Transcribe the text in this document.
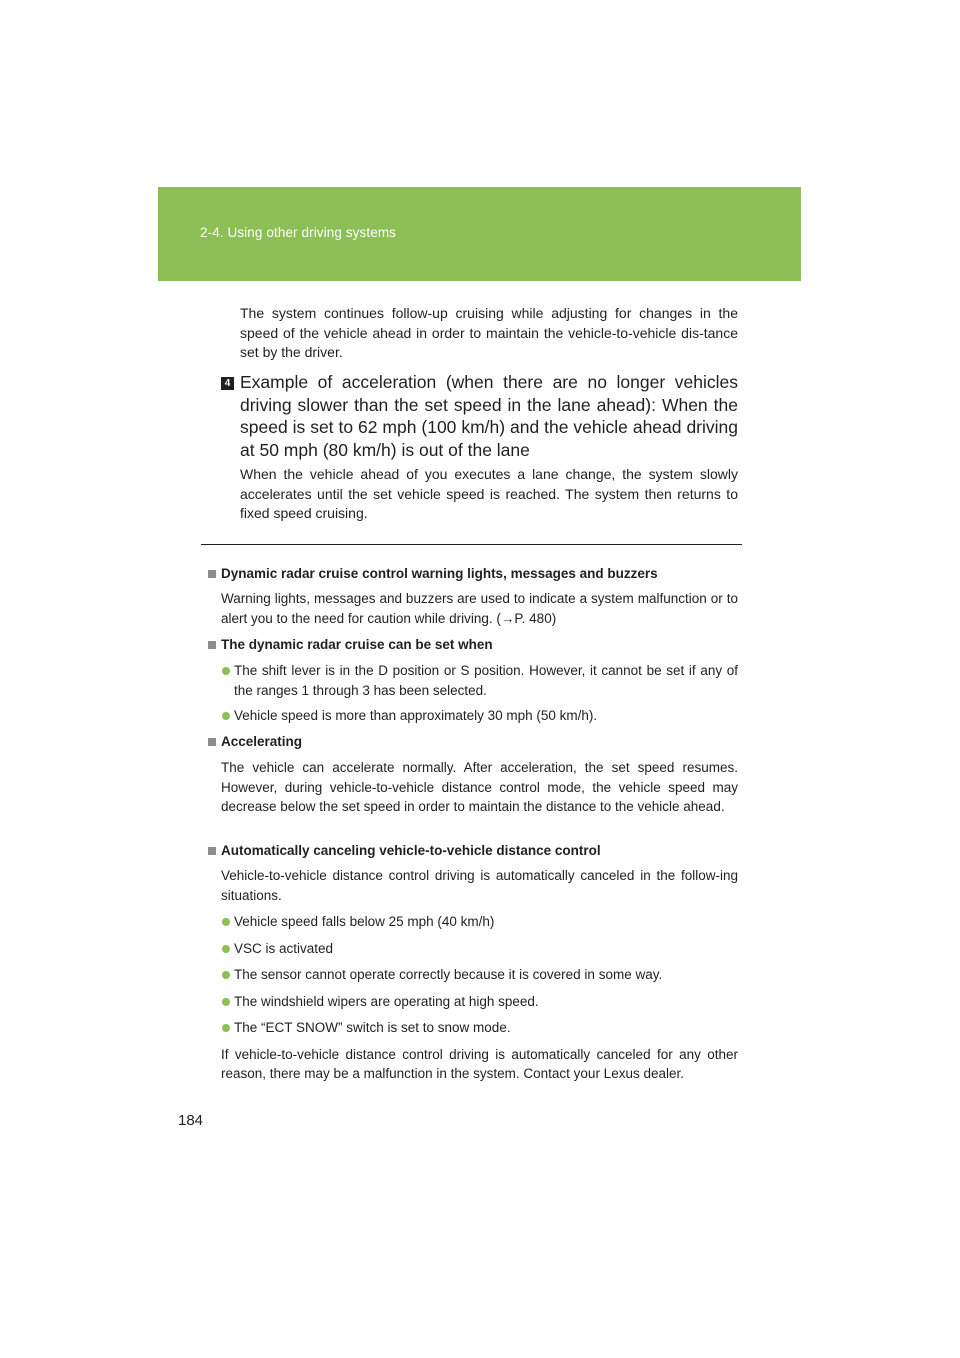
2-4. Using other driving systems
The system continues follow-up cruising while adjusting for changes in the speed of the vehicle ahead in order to maintain the vehicle-to-vehicle dis-tance set by the driver.
4 Example of acceleration (when there are no longer vehicles driving slower than the set speed in the lane ahead): When the speed is set to 62 mph (100 km/h) and the vehicle ahead driving at 50 mph (80 km/h) is out of the lane
When the vehicle ahead of you executes a lane change, the system slowly accelerates until the set vehicle speed is reached. The system then returns to fixed speed cruising.
Dynamic radar cruise control warning lights, messages and buzzers
Warning lights, messages and buzzers are used to indicate a system malfunction or to alert you to the need for caution while driving. (→P. 480)
The dynamic radar cruise can be set when
The shift lever is in the D position or S position. However, it cannot be set if any of the ranges 1 through 3 has been selected.
Vehicle speed is more than approximately 30 mph (50 km/h).
Accelerating
The vehicle can accelerate normally. After acceleration, the set speed resumes. However, during vehicle-to-vehicle distance control mode, the vehicle speed may decrease below the set speed in order to maintain the distance to the vehicle ahead.
Automatically canceling vehicle-to-vehicle distance control
Vehicle-to-vehicle distance control driving is automatically canceled in the follow-ing situations.
Vehicle speed falls below 25 mph (40 km/h)
VSC is activated
The sensor cannot operate correctly because it is covered in some way.
The windshield wipers are operating at high speed.
The “ECT SNOW” switch is set to snow mode.
If vehicle-to-vehicle distance control driving is automatically canceled for any other reason, there may be a malfunction in the system. Contact your Lexus dealer.
184
